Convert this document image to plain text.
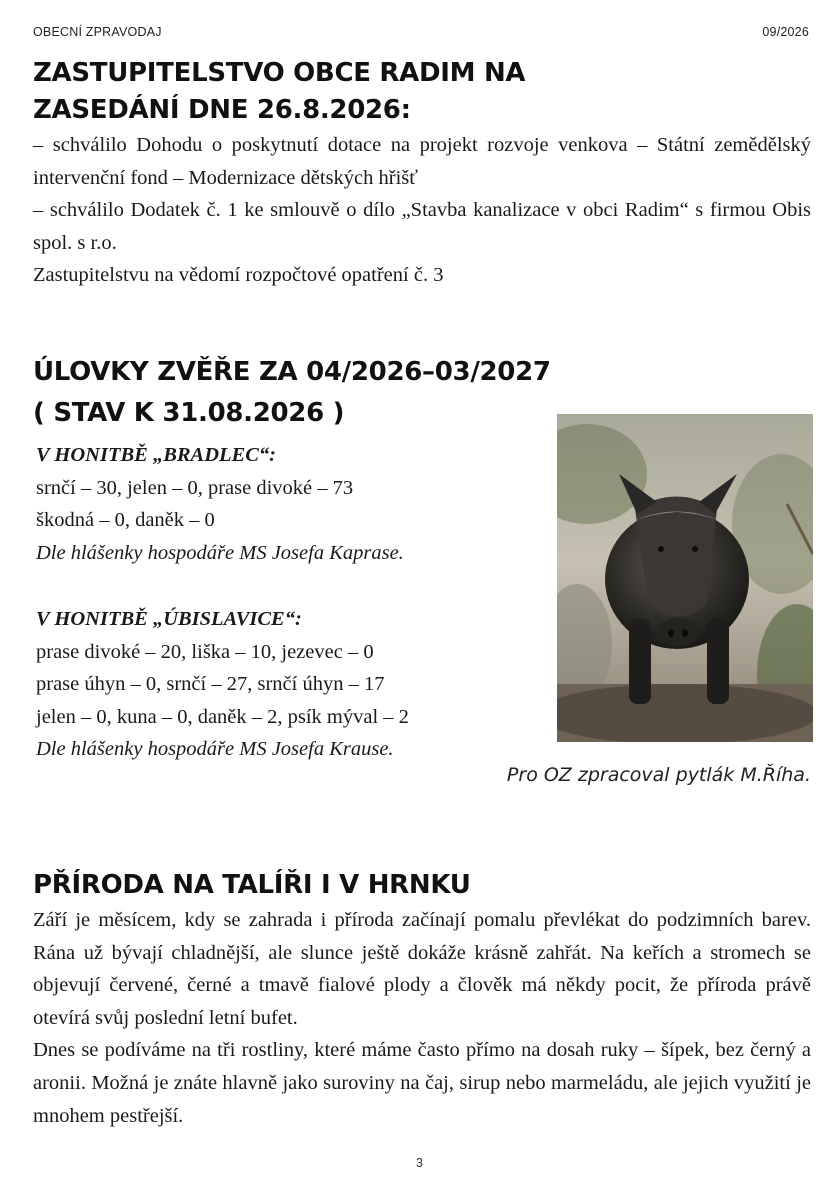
OBECNÍ ZPRAVODAJ	09/2026
ZASTUPITELSTVO OBCE RADIM NA
ZASEDÁNÍ DNE 26.8.2026:

– schválilo Dohodu o poskytnutí dotace na projekt rozvoje venkova – Státní zemědělský intervenční fond – Modernizace dětských hřišť

– schválilo Dodatek č. 1 ke smlouvě o dílo „Stavba kanalizace v obci Radim“ s firmou Obis spol. s r.o.

Zastupitelstvu na vědomí rozpočtové opatření č. 3

ÚLOVKY ZVĚŘE ZA 04/2026–03/2027
( STAV K 31.08.2026 )

V HONITBĚ „BRADLEC“:

srnčí – 30, jelen – 0, prase divoké – 73

škodná – 0, daněk – 0

Dle hlášenky hospodáře MS Josefa Kaprase.

V HONITBĚ „ÚBISLAVICE“:

prase divoké – 20, liška – 10, jezevec – 0

prase úhyn – 0, srnčí – 27, srnčí úhyn – 17

jelen – 0, kuna – 0, daněk – 2, psík mýval – 2

Dle hlášenky hospodáře MS Josefa Krause.

Pro OZ zpracoval pytlák M.Říha.
PŘÍRODA NA TALÍŘI I V HRNKU

Září je měsícem, kdy se zahrada i příroda začínají pomalu převlékat do podzimních barev. Rána už bývají chladnější, ale slunce ještě dokáže krásně zahřát. Na keřích a stromech se objevují červené, černé a tmavě fialové plody a člověk má někdy pocit, že příroda právě otevírá svůj poslední letní bufet.

Dnes se podíváme na tři rostliny, které máme často přímo na dosah ruky – šípek, bez černý a aronii. Možná je znáte hlavně jako suroviny na čaj, sirup nebo marmeládu, ale jejich využití je mnohem pestřejší.

3
